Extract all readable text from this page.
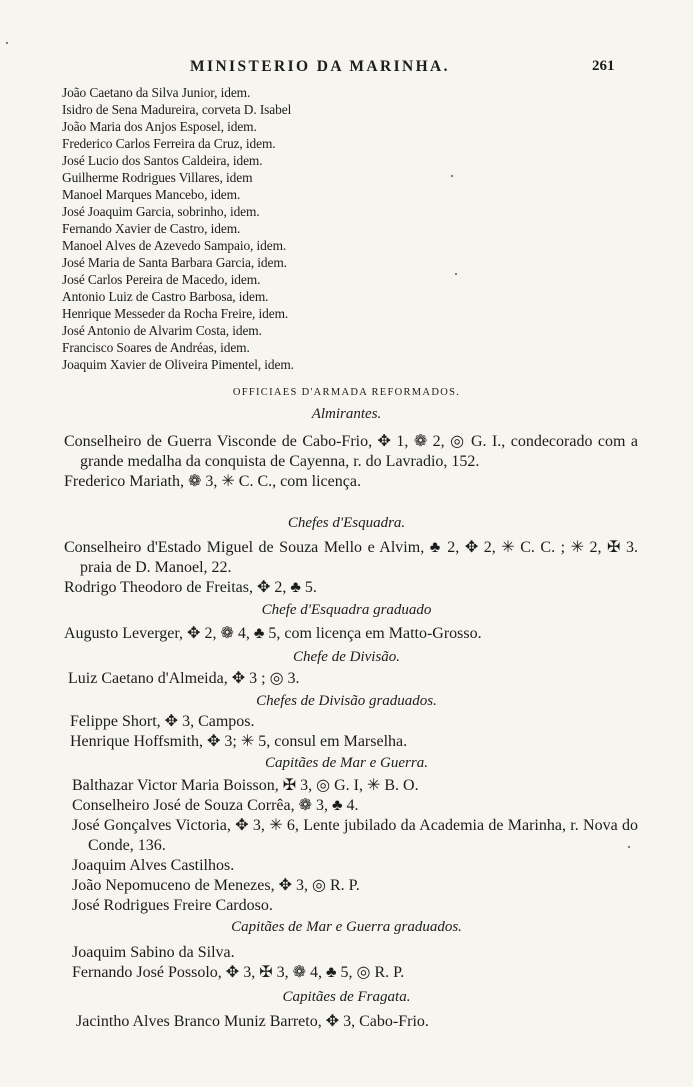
MINISTERIO DA MARINHA.	261
João Caetano da Silva Junior, idem.
Isidro de Sena Madureira, corveta D. Isabel
João Maria dos Anjos Esposel, idem.
Frederico Carlos Ferreira da Cruz, idem.
José Lucio dos Santos Caldeira, idem.
Guilherme Rodrigues Villares, idem
Manoel Marques Mancebo, idem.
José Joaquim Garcia, sobrinho, idem.
Fernando Xavier de Castro, idem.
Manoel Alves de Azevedo Sampaio, idem.
José Maria de Santa Barbara Garcia, idem.
José Carlos Pereira de Macedo, idem.
Antonio Luiz de Castro Barbosa, idem.
Henrique Messeder da Rocha Freire, idem.
José Antonio de Alvarim Costa, idem.
Francisco Soares de Andréas, idem.
Joaquim Xavier de Oliveira Pimentel, idem.
OFFICIAES D'ARMADA REFORMADOS.
Almirantes.
Conselheiro de Guerra Visconde de Cabo-Frio, ✥ 1, ❁ 2, ◎ G. I., condecorado com a grande medalha da conquista de Cayenna, r. do Lavradio, 152.
Frederico Mariath, ❁ 3, ✳ C. C., com licença.
Chefes d'Esquadra.
Conselheiro d'Estado Miguel de Souza Mello e Alvim, ♣ 2, ✥ 2, ✳ C. C. ; ✳ 2, ✠ 3. praia de D. Manoel, 22.
Rodrigo Theodoro de Freitas, ✥ 2, ♣ 5.
Chefe d'Esquadra graduado
Augusto Leverger, ✥ 2, ❁ 4, ♣ 5, com licença em Matto-Grosso.
Chefe de Divisão.
Luiz Caetano d'Almeida, ✥ 3 ; ◎ 3.
Chefes de Divisão graduados.
Felippe Short, ✥ 3, Campos.
Henrique Hoffsmith, ✥ 3; ✳ 5, consul em Marselha.
Capitães de Mar e Guerra.
Balthazar Victor Maria Boisson, ✠ 3, ◎ G. I, ✳ B. O.
Conselheiro José de Souza Corrêa, ❁ 3, ♣ 4.
José Gonçalves Victoria, ✥ 3, ✳ 6, Lente jubilado da Academia de Marinha, r. Nova do Conde, 136.
Joaquim Alves Castilhos.
João Nepomuceno de Menezes, ✥ 3, ◎ R. P.
José Rodrigues Freire Cardoso.
Capitães de Mar e Guerra graduados.
Joaquim Sabino da Silva.
Fernando José Possolo, ✥ 3, ✠ 3, ❁ 4, ♣ 5, ◎ R. P.
Capitães de Fragata.
Jacintho Alves Branco Muniz Barreto, ✥ 3, Cabo-Frio.
